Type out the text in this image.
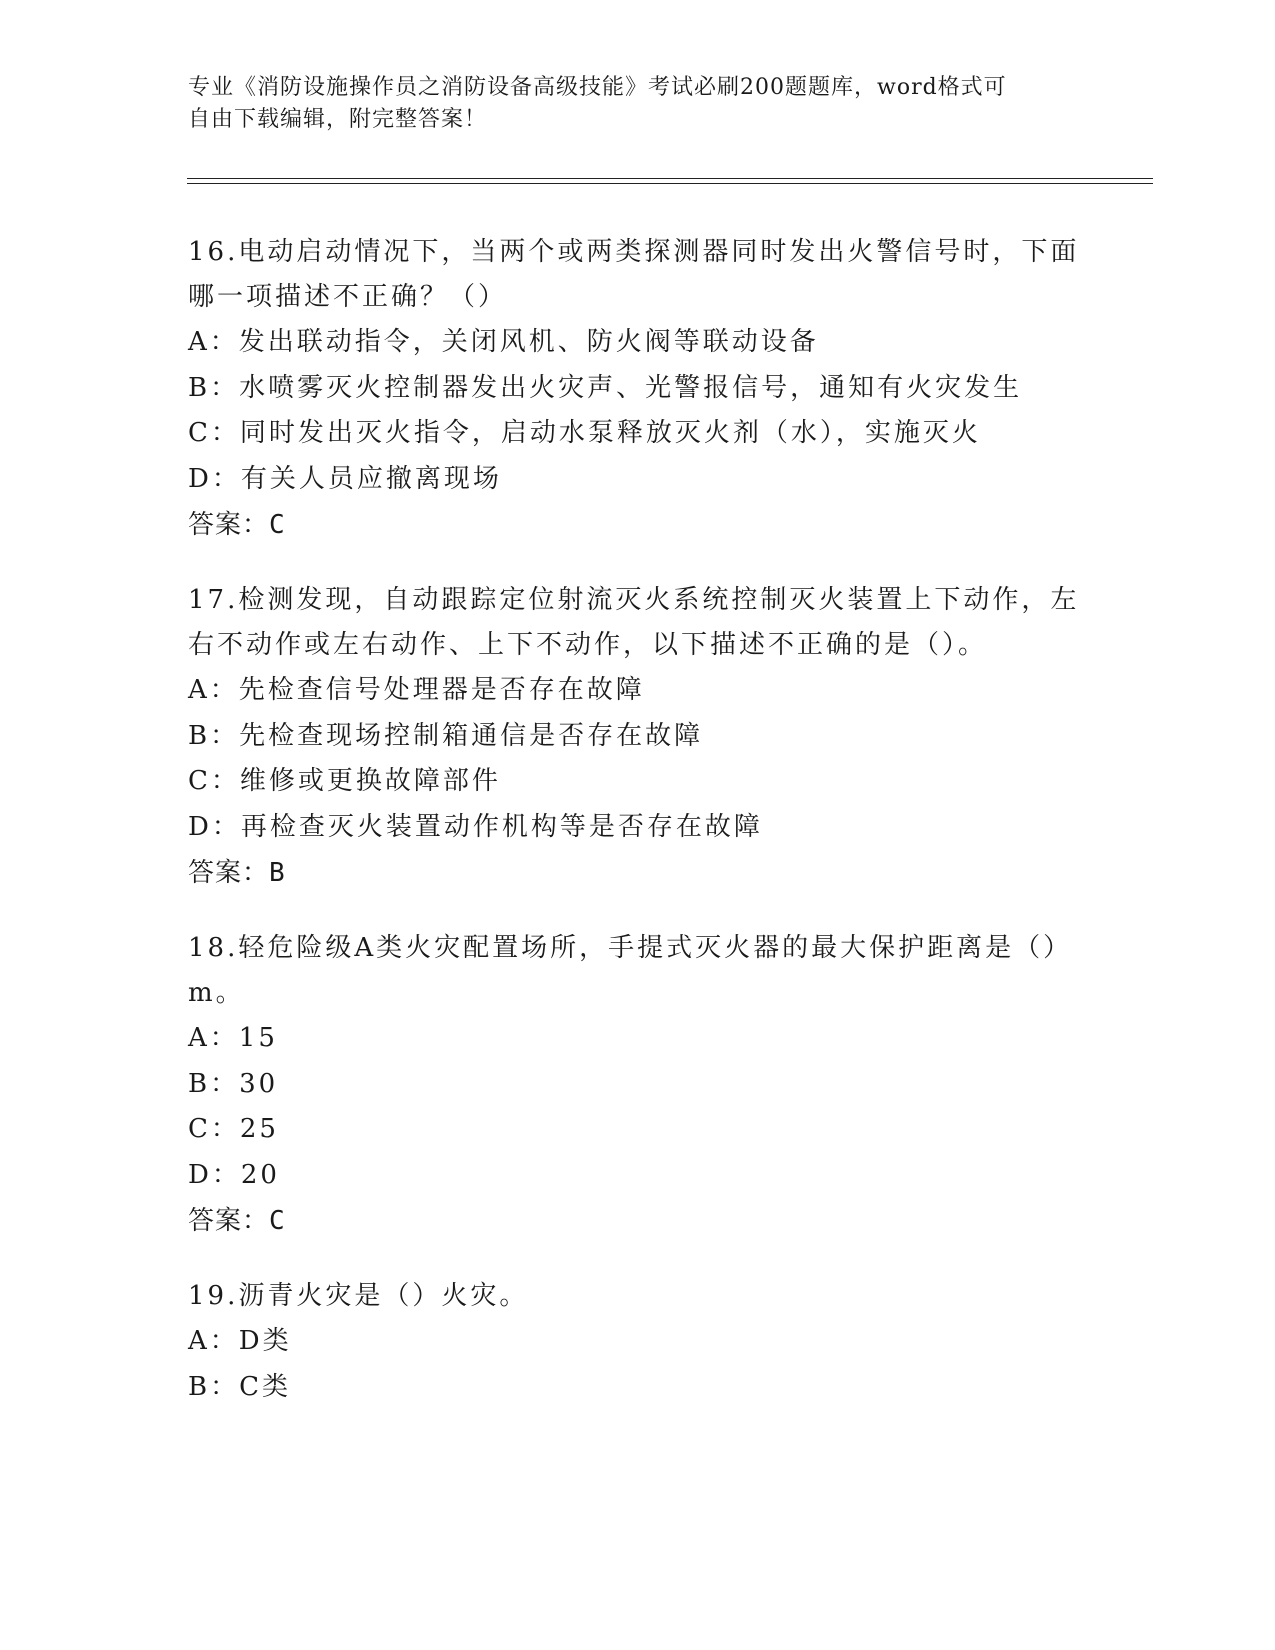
专业《消防设施操作员之消防设备高级技能》考试必刷200题题库，word格式可
自由下载编辑，附完整答案！
16.电动启动情况下，当两个或两类探测器同时发出火警信号时，下面
哪一项描述不正确？（）
A：发出联动指令，关闭风机、防火阀等联动设备
B：水喷雾灭火控制器发出火灾声、光警报信号，通知有火灾发生
C：同时发出灭火指令，启动水泵释放灭火剂（水），实施灭火
D：有关人员应撤离现场
答案：C
17.检测发现，自动跟踪定位射流灭火系统控制灭火装置上下动作，左
右不动作或左右动作、上下不动作，以下描述不正确的是（）。
A：先检查信号处理器是否存在故障
B：先检查现场控制箱通信是否存在故障
C：维修或更换故障部件
D：再检查灭火装置动作机构等是否存在故障
答案：B
18.轻危险级A类火灾配置场所，手提式灭火器的最大保护距离是（）
m。
A：15
B：30
C：25
D：20
答案：C
19.沥青火灾是（）火灾。
A：D类
B：C类
